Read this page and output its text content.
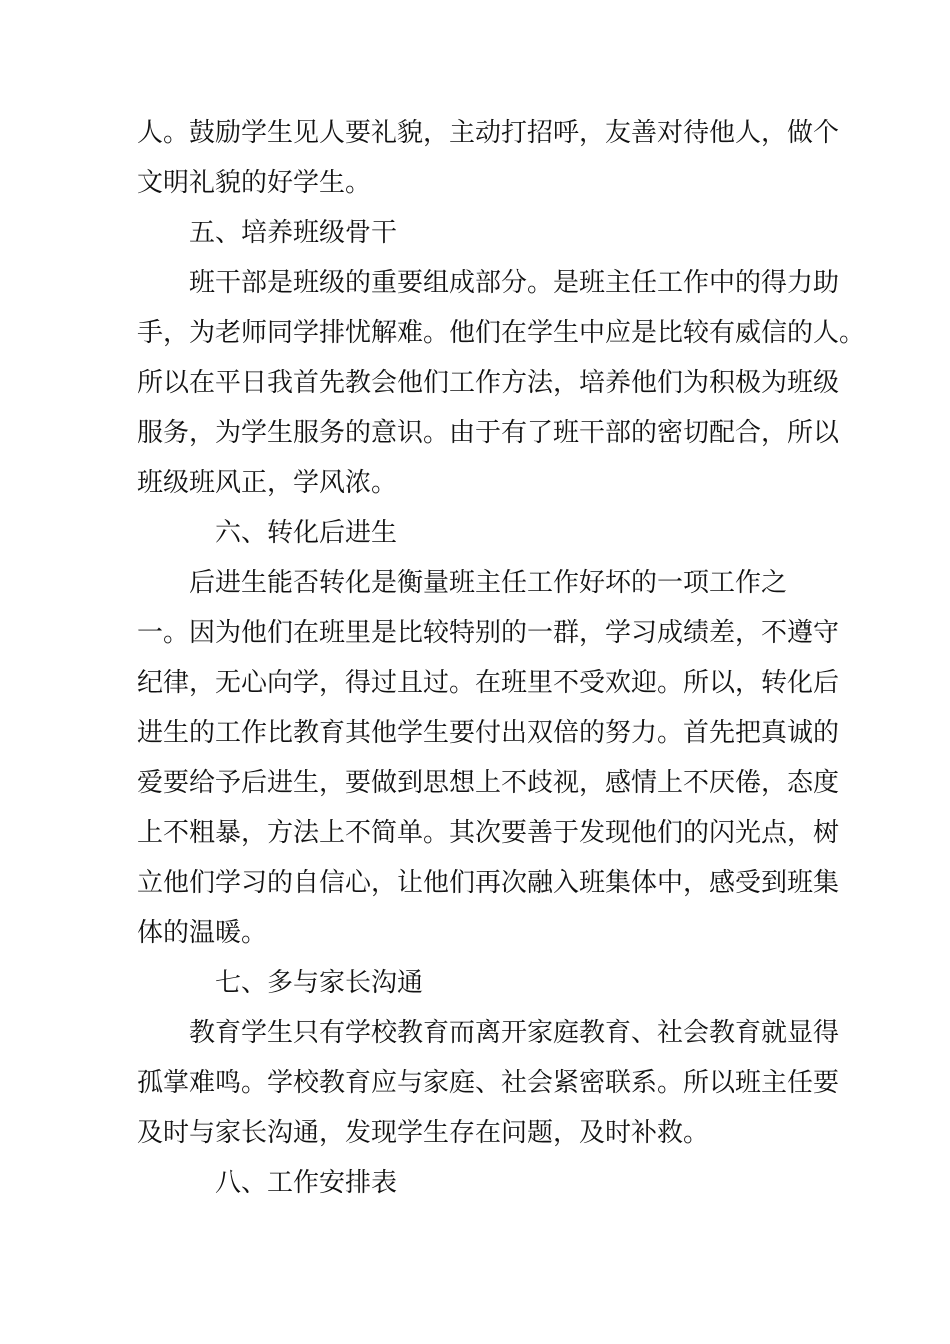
人。鼓励学生见人要礼貌，主动打招呼，友善对待他人，做个

文明礼貌的好学生。

五、培养班级骨干

班干部是班级的重要组成部分。是班主任工作中的得力助

手，为老师同学排忧解难。他们在学生中应是比较有威信的人。

所以在平日我首先教会他们工作方法，培养他们为积极为班级

服务，为学生服务的意识。由于有了班干部的密切配合，所以

班级班风正，学风浓。

六、转化后进生

后进生能否转化是衡量班主任工作好坏的一项工作之

一。因为他们在班里是比较特别的一群，学习成绩差，不遵守

纪律，无心向学，得过且过。在班里不受欢迎。所以，转化后

进生的工作比教育其他学生要付出双倍的努力。首先把真诚的

爱要给予后进生，要做到思想上不歧视，感情上不厌倦，态度

上不粗暴，方法上不简单。其次要善于发现他们的闪光点，树

立他们学习的自信心，让他们再次融入班集体中，感受到班集

体的温暖。

七、多与家长沟通

教育学生只有学校教育而离开家庭教育、社会教育就显得

孤掌难鸣。学校教育应与家庭、社会紧密联系。所以班主任要

及时与家长沟通，发现学生存在问题，及时补救。

八、工作安排表
